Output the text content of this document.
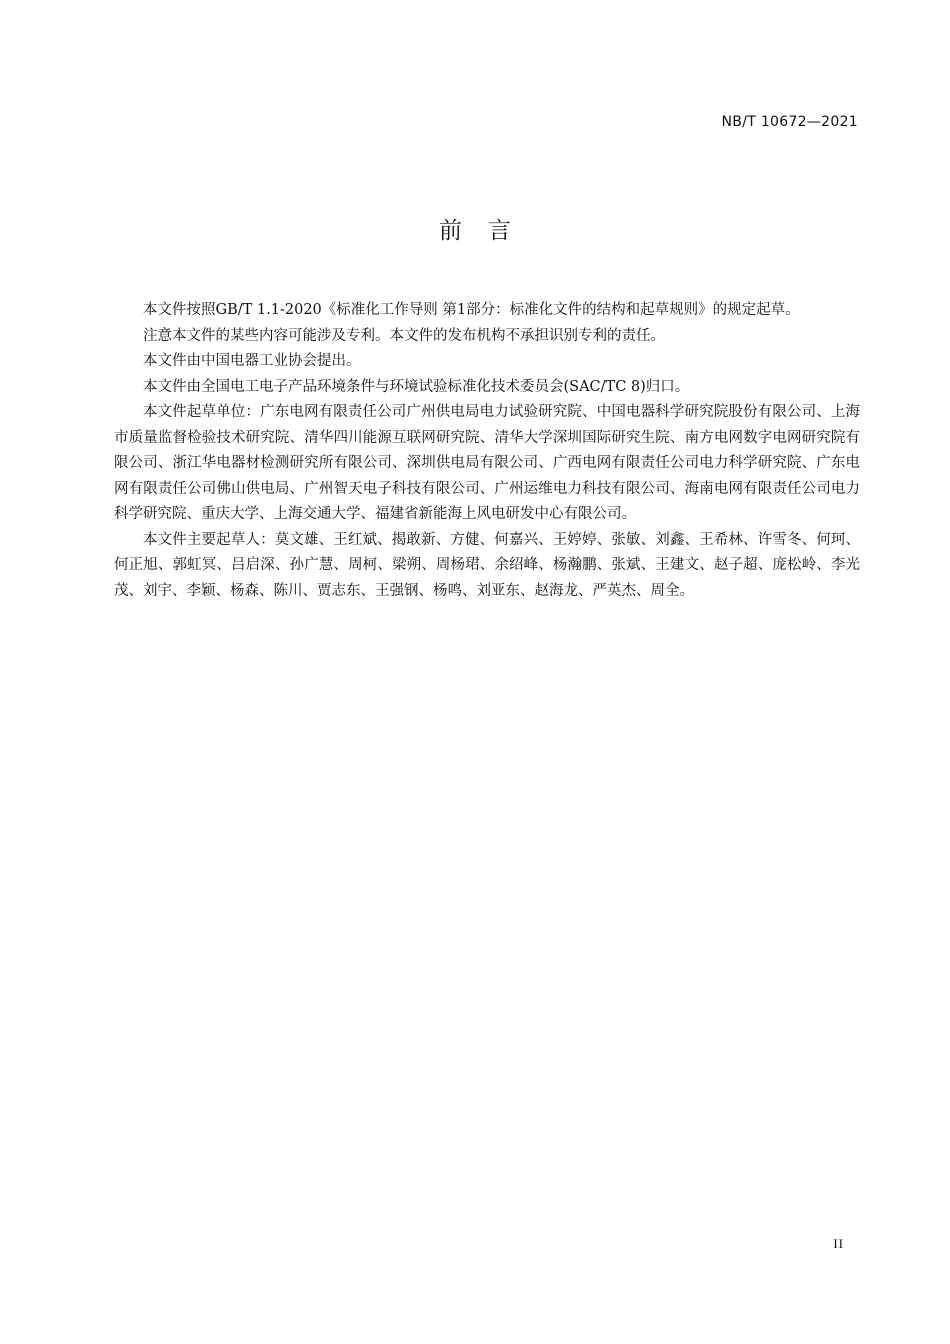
NB/T 10672—2021

前言

本文件按照GB/T 1.1-2020《标准化工作导则 第1部分：标准化文件的结构和起草规则》的规定起草。

注意本文件的某些内容可能涉及专利。本文件的发布机构不承担识别专利的责任。

本文件由中国电器工业协会提出。

本文件由全国电工电子产品环境条件与环境试验标准化技术委员会(SAC/TC 8)归口。

本文件起草单位：广东电网有限责任公司广州供电局电力试验研究院、中国电器科学研究院股份有限公司、上海市质量监督检验技术研究院、清华四川能源互联网研究院、清华大学深圳国际研究生院、南方电网数字电网研究院有限公司、浙江华电器材检测研究所有限公司、深圳供电局有限公司、广西电网有限责任公司电力科学研究院、广东电网有限责任公司佛山供电局、广州智天电子科技有限公司、广州运维电力科技有限公司、海南电网有限责任公司电力科学研究院、重庆大学、上海交通大学、福建省新能海上风电研发中心有限公司。

本文件主要起草人：莫文雄、王红斌、揭敢新、方健、何嘉兴、王婷婷、张敏、刘鑫、王希林、许雪冬、何珂、何正旭、郭虹冥、吕启深、孙广慧、周柯、梁朔、周杨珺、余绍峰、杨瀚鹏、张斌、王建文、赵子超、庞松岭、李光茂、刘宇、李颖、杨森、陈川、贾志东、王强钢、杨鸣、刘亚东、赵海龙、严英杰、周全。

II
